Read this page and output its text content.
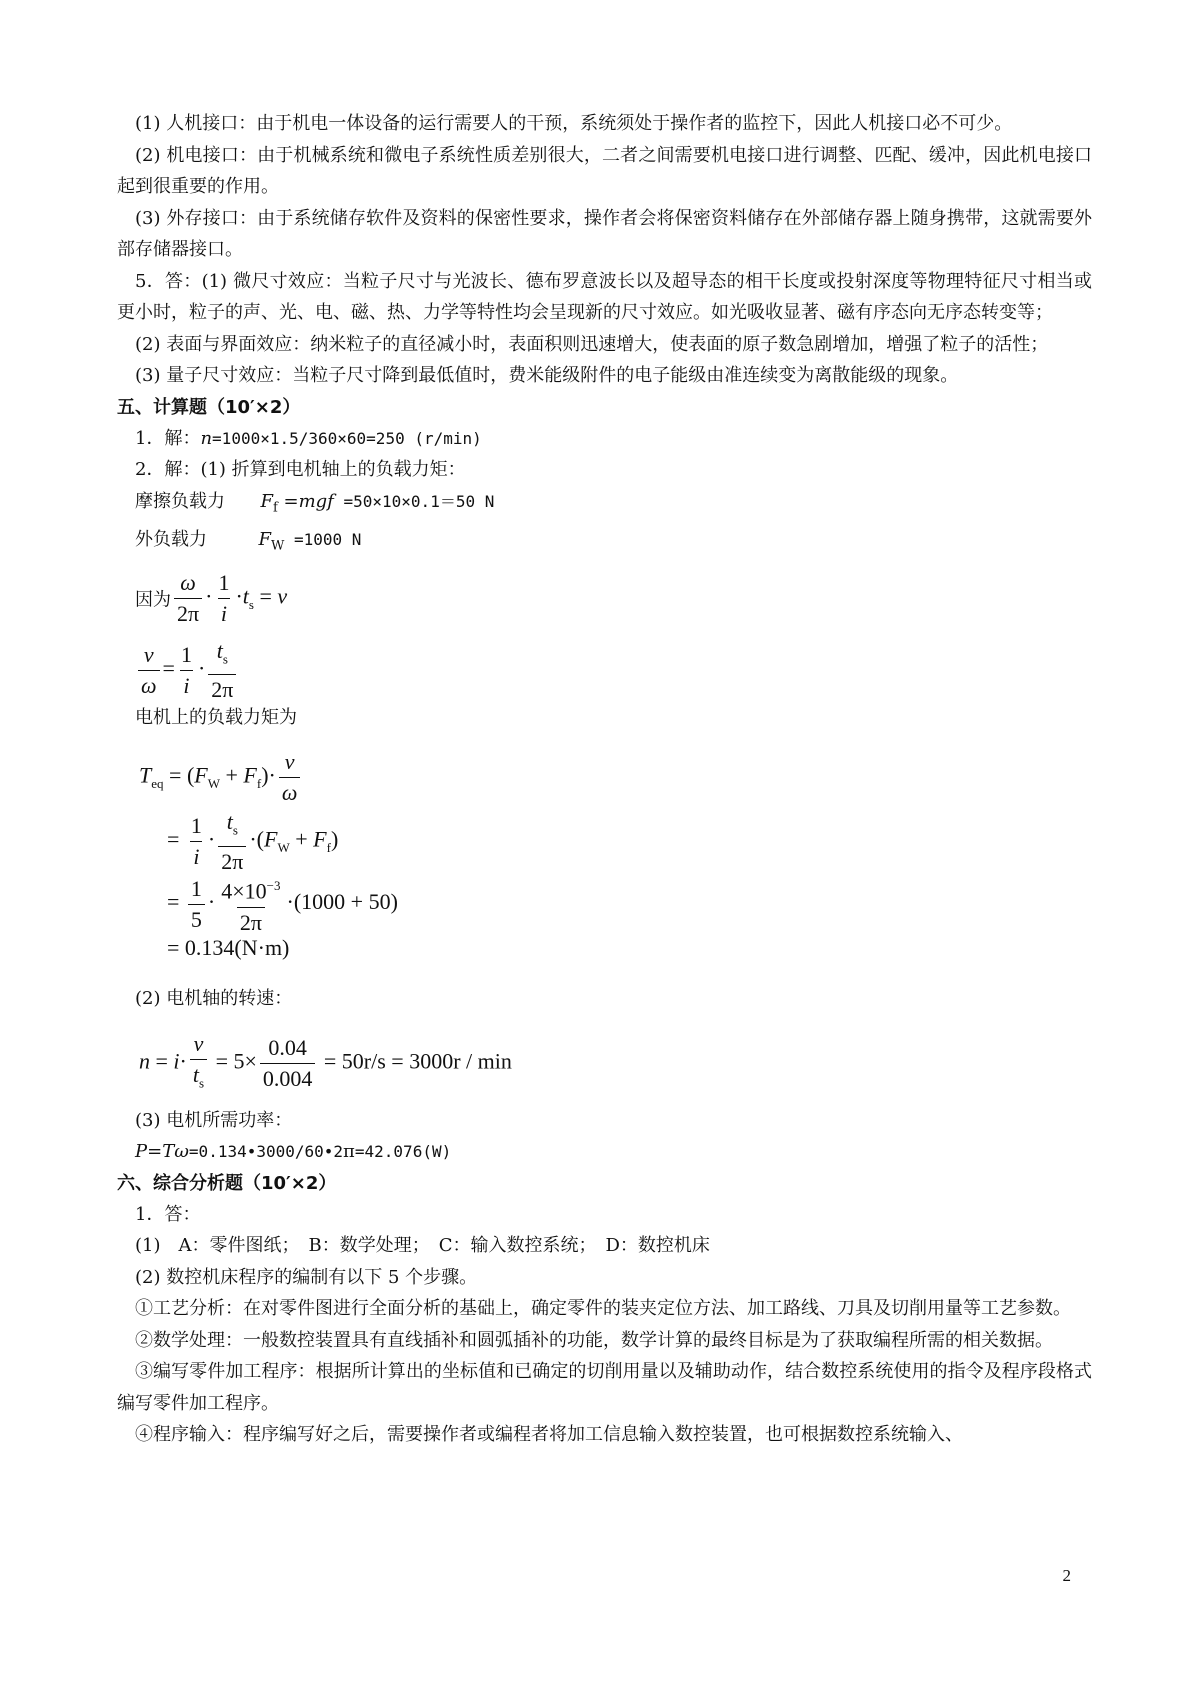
(1) 人机接口：由于机电一体设备的运行需要人的干预，系统须处于操作者的监控下，因此人机接口必不可少。

(2) 机电接口：由于机械系统和微电子系统性质差别很大，二者之间需要机电接口进行调整、匹配、缓冲，因此机电接口起到很重要的作用。

(3) 外存接口：由于系统储存软件及资料的保密性要求，操作者会将保密资料储存在外部储存器上随身携带，这就需要外部存储器接口。

5．答：(1) 微尺寸效应：当粒子尺寸与光波长、德布罗意波长以及超导态的相干长度或投射深度等物理特征尺寸相当或更小时，粒子的声、光、电、磁、热、力学等特性均会呈现新的尺寸效应。如光吸收显著、磁有序态向无序态转变等；

(2) 表面与界面效应：纳米粒子的直径减小时，表面积则迅速增大，使表面的原子数急剧增加，增强了粒子的活性；

(3) 量子尺寸效应：当粒子尺寸降到最低值时，费米能级附件的电子能级由准连续变为离散能级的现象。

五、计算题（10′×2）

1．解：n=1000×1.5/360×60=250 (r/min)

2．解：(1) 折算到电机轴上的负载力矩：

摩擦负载力 $F_f =mgf =50\times 10\times 0.1=50$ N

外负载力	$F_W =1000$ N

因为 $\frac{\omega}{2\pi} \cdot \frac{1}{i} \cdot t_s = v$
$\frac{v}{\omega} = \frac{1}{i} \cdot \frac{t_s}{2\pi}$

电机上的负载力矩为

$T_{eq} = (F_W + F_f)\cdot \frac{v}{\omega}$
= $\frac{1}{i} \cdot \frac{t_s}{2\pi} \cdot(F_W + F_f)$
= $\frac{1}{5} \cdot \frac{4\times 10^{-3}}{2\pi} \cdot(1000 + 50)$
= 0.134(N·m)

(2) 电机轴的转速：

$n = i\cdot \frac{v}{t_s} = 5\times \frac{0.04}{0.004} = 50r/s = 3000r / \min$

(3) 电机所需功率：

P=Tω=0.134•3000/60•2π=42.076(W)

六、综合分析题（10′×2）

1．答：

(1)　A：零件图纸；　B：数学处理；　C：输入数控系统；　D：数控机床

(2) 数控机床程序的编制有以下 5 个步骤。

①工艺分析：在对零件图进行全面分析的基础上，确定零件的装夹定位方法、加工路线、刀具及切削用量等工艺参数。

②数学处理：一般数控装置具有直线插补和圆弧插补的功能，数学计算的最终目标是为了获取编程所需的相关数据。

③编写零件加工程序：根据所计算出的坐标值和已确定的切削用量以及辅助动作，结合数控系统使用的指令及程序段格式编写零件加工程序。

④程序输入：程序编写好之后，需要操作者或编程者将加工信息输入数控装置，也可根据数控系统输入、

2
